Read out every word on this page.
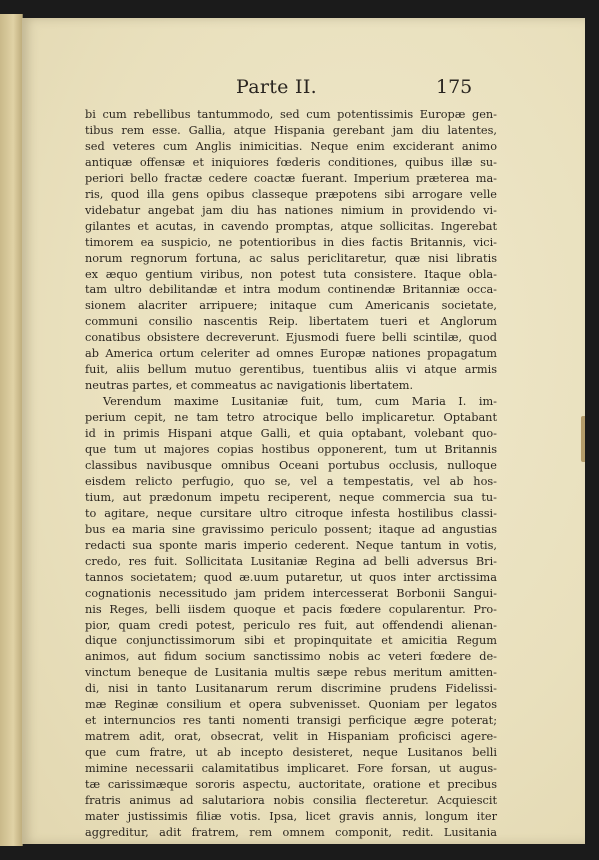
Parte II.	175
bi cum rebellibus tantummodo, sed cum potentissimis Europæ gen-
tibus rem esse. Gallia, atque Hispania gerebant jam diu latentes,
sed veteres cum Anglis inimicitias. Neque enim exciderant animo
antiquæ offensæ et iniquiores fœderis conditiones, quibus illæ su-
periori bello fractæ cedere coactæ fuerant. Imperium præterea ma-
ris, quod illa gens opibus classeque præpotens sibi arrogare velle
videbatur angebat jam diu has nationes nimium in providendo vi-
gilantes et acutas, in cavendo promptas, atque sollicitas. Ingerebat
timorem ea suspicio, ne potentioribus in dies factis Britannis, vici-
norum regnorum fortuna, ac salus periclitaretur, quæ nisi libratis
ex æquo gentium viribus, non potest tuta consistere. Itaque obla-
tam ultro debilitandæ et intra modum continendæ Britanniæ occa-
sionem alacriter arripuere; initaque cum Americanis societate,
communi consilio nascentis Reip. libertatem tueri et Anglorum
conatibus obsistere decreverunt. Ejusmodi fuere belli scintilæ, quod
ab America ortum celeriter ad omnes Europæ nationes propagatum
fuit, aliis bellum mutuo gerentibus, tuentibus aliis vi atque armis
neutras partes, et commeatus ac navigationis libertatem.
Verendum maxime Lusitaniæ fuit, tum, cum Maria I. im-
perium cepit, ne tam tetro atrocique bello implicaretur. Optabant
id in primis Hispani atque Galli, et quia optabant, volebant quo-
que tum ut majores copias hostibus opponerent, tum ut Britannis
classibus navibusque omnibus Oceani portubus occlusis, nulloque
eisdem relicto perfugio, quo se, vel a tempestatis, vel ab hos-
tium, aut prædonum impetu reciperent, neque commercia sua tu-
to agitare, neque cursitare ultro citroque infesta hostilibus classi-
bus ea maria sine gravissimo periculo possent; itaque ad angustias
redacti sua sponte maris imperio cederent. Neque tantum in votis,
credo, res fuit. Sollicitata Lusitaniæ Regina ad belli adversus Bri-
tannos societatem; quod æ.uum putaretur, ut quos inter arctissima
cognationis necessitudo jam pridem intercesserat Borbonii Sangui-
nis Reges, belli iisdem quoque et pacis fœdere copularentur. Pro-
pior, quam credi potest, periculo res fuit, aut offendendi alienan-
dique conjunctissimorum sibi et propinquitate et amicitia Regum
animos, aut fidum socium sanctissimo nobis ac veteri fœdere de-
vinctum beneque de Lusitania multis sæpe rebus meritum amitten-
di, nisi in tanto Lusitanarum rerum discrimine prudens Fidelissi-
mæ Reginæ consilium et opera subvenisset. Quoniam per legatos
et internuncios res tanti nomenti transigi perficique ægre poterat;
matrem adit, orat, obsecrat, velit in Hispaniam proficisci agere-
que cum fratre, ut ab incepto desisteret, neque Lusitanos belli
mimine necessarii calamitatibus implicaret. Fore forsan, ut augus-
tæ carissimæque sororis aspectu, auctoritate, oratione et precibus
fratris animus ad salutariora nobis consilia flecteretur. Acquiescit
mater justissimis filiæ votis. Ipsa, licet gravis annis, longum iter
aggreditur, adit fratrem, rem omnem componit, redit. Lusitania
